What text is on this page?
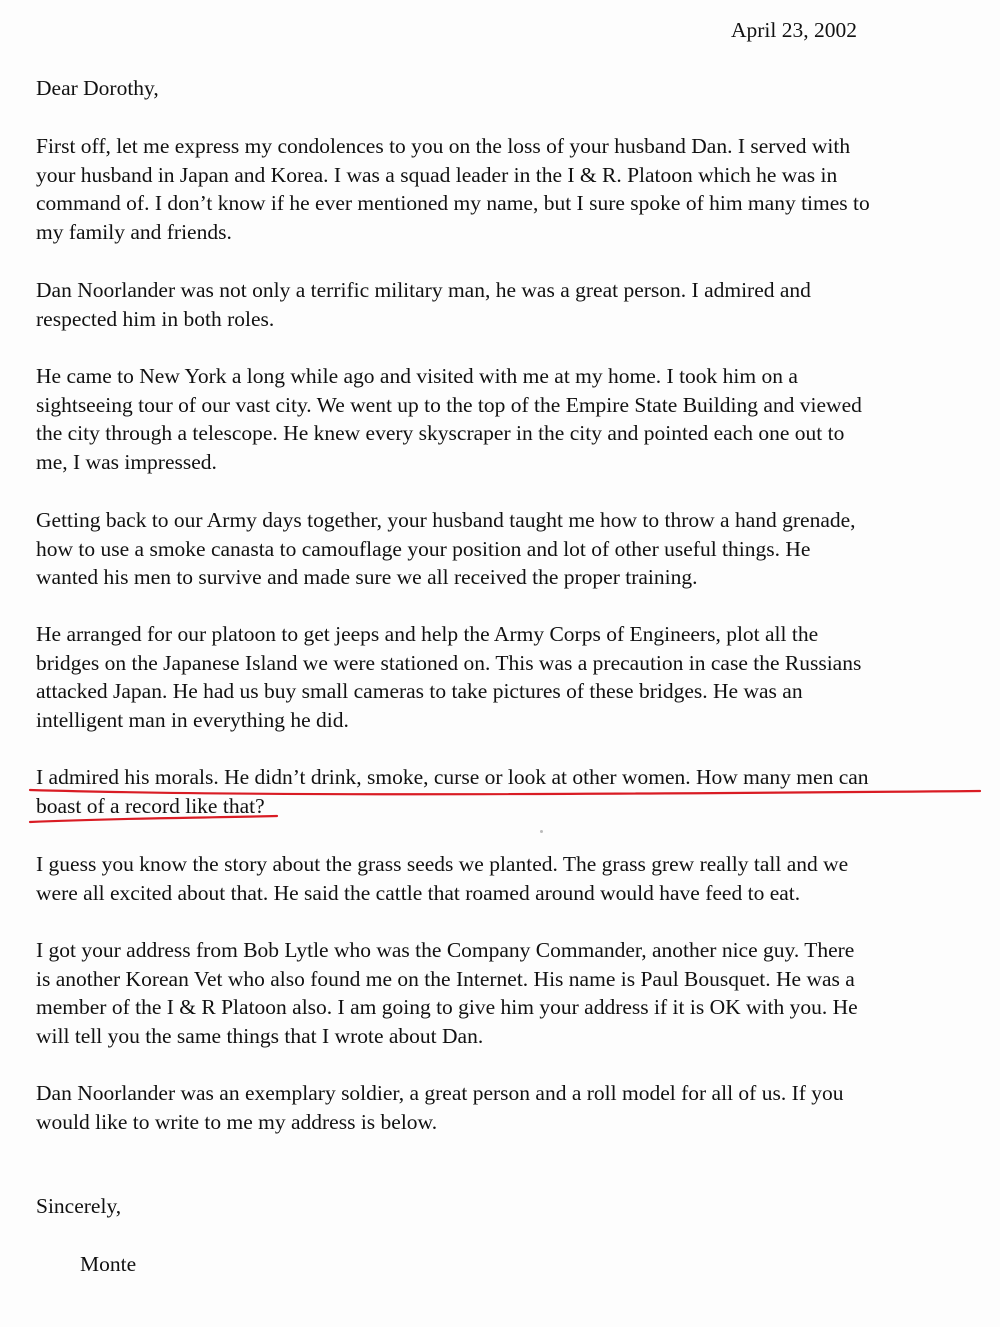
April 23, 2002
Dear Dorothy,
First off, let me express my condolences to you on the loss of your husband Dan. I served with
your husband in Japan and Korea. I was a squad leader in the I & R. Platoon which he was in
command of. I don’t know if he ever mentioned my name, but I sure spoke of him many times to
my family and friends.
Dan Noorlander was not only a terrific military man, he was a great person. I admired and
respected him in both roles.
He came to New York a long while ago and visited with me at my home. I took him on a
sightseeing tour of our vast city. We went up to the top of the Empire State Building and viewed
the city through a telescope. He knew every skyscraper in the city and pointed each one out to
me, I was impressed.
Getting back to our Army days together, your husband taught me how to throw a hand grenade,
how to use a smoke canasta to camouflage your position and lot of other useful things. He
wanted his men to survive and made sure we all received the proper training.
He arranged for our platoon to get jeeps and help the Army Corps of Engineers, plot all the
bridges on the Japanese Island we were stationed on. This was a precaution in case the Russians
attacked Japan. He had us buy small cameras to take pictures of these bridges. He was an
intelligent man in everything he did.
I admired his morals. He didn’t drink, smoke, curse or look at other women. How many men can
boast of a record like that?
I guess you know the story about the grass seeds we planted. The grass grew really tall and we
were all excited about that. He said the cattle that roamed around would have feed to eat.
I got your address from Bob Lytle who was the Company Commander, another nice guy. There
is another Korean Vet who also found me on the Internet. His name is Paul Bousquet. He was a
member of the I & R Platoon also. I am going to give him your address if it is OK with you. He
will tell you the same things that I wrote about Dan.
Dan Noorlander was an exemplary soldier, a great person and a roll model for all of us. If you
would like to write to me my address is below.
Sincerely,
Monte
